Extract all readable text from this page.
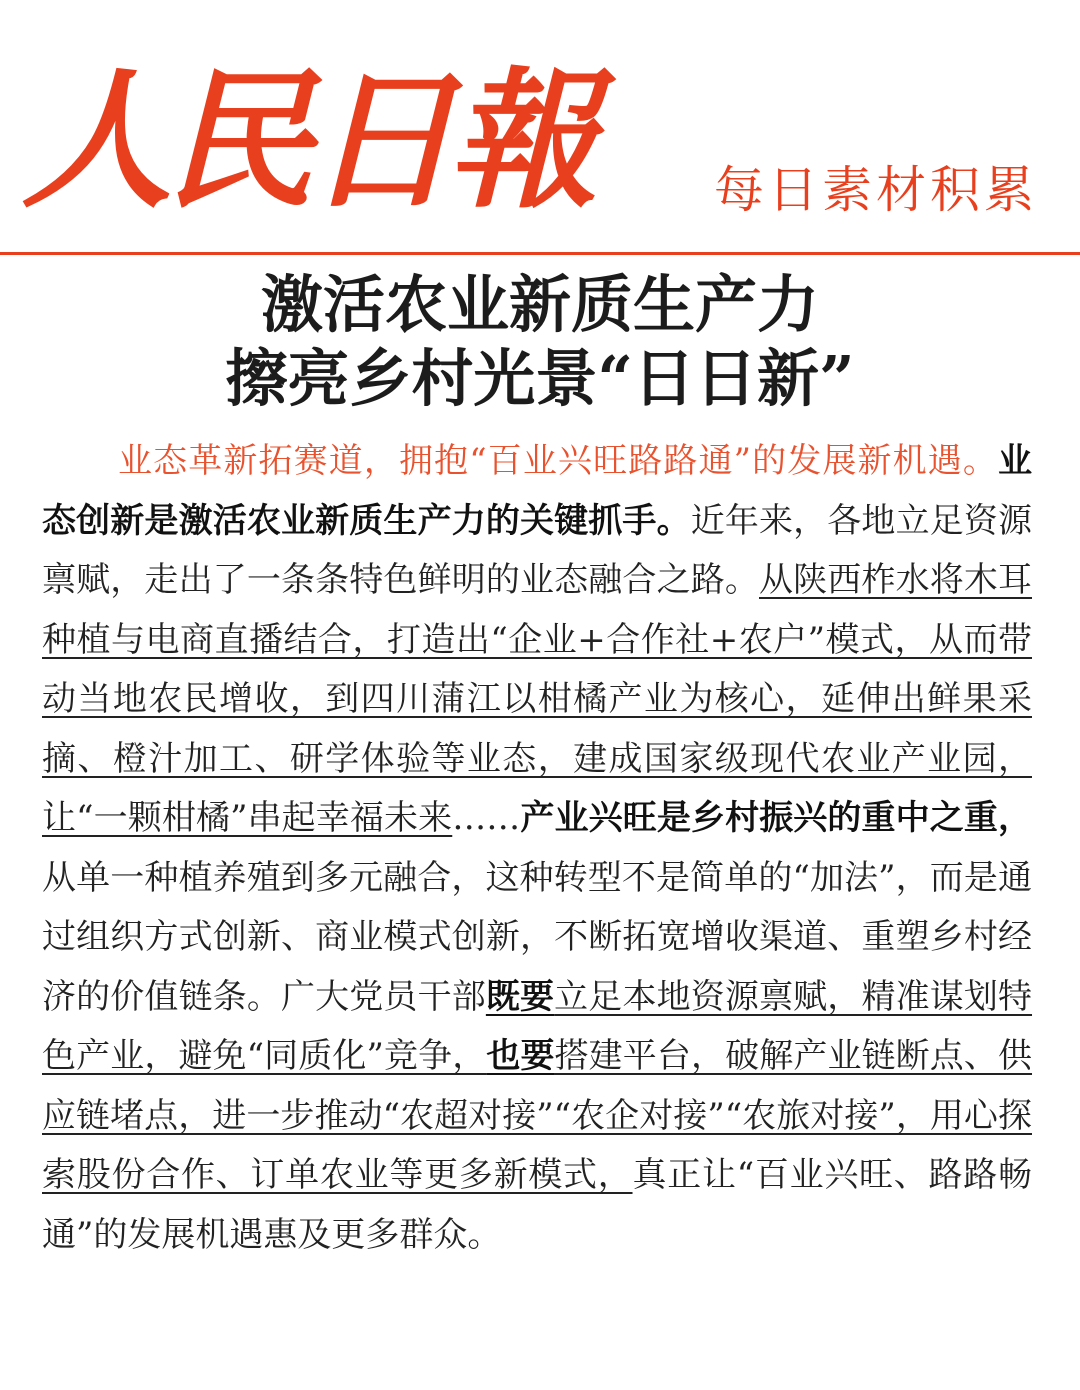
人民日報	每日素材积累
激活农业新质生产力
擦亮乡村光景“日日新”
业态革新拓赛道，拥抱“百业兴旺路路通”的发展新机遇。业态创新是激活农业新质生产力的关键抓手。近年来，各地立足资源禀赋，走出了一条条特色鲜明的业态融合之路。从陕西柞水将木耳种植与电商直播结合，打造出“企业+合作社+农户”模式，从而带动当地农民增收，到四川蒲江以柑橘产业为核心，延伸出鲜果采摘、橙汁加工、研学体验等业态，建成国家级现代农业产业园，让“一颗柑橘”串起幸福未来……产业兴旺是乡村振兴的重中之重，从单一种植养殖到多元融合，这种转型不是简单的“加法”，而是通过组织方式创新、商业模式创新，不断拓宽增收渠道、重塑乡村经济的价值链条。广大党员干部既要立足本地资源禀赋，精准谋划特色产业，避免“同质化”竞争，也要搭建平台，破解产业链断点、供应链堵点，进一步推动“农超对接”“农企对接”“农旅对接”，用心探索股份合作、订单农业等更多新模式，真正让“百业兴旺、路路畅通”的发展机遇惠及更多群众。
